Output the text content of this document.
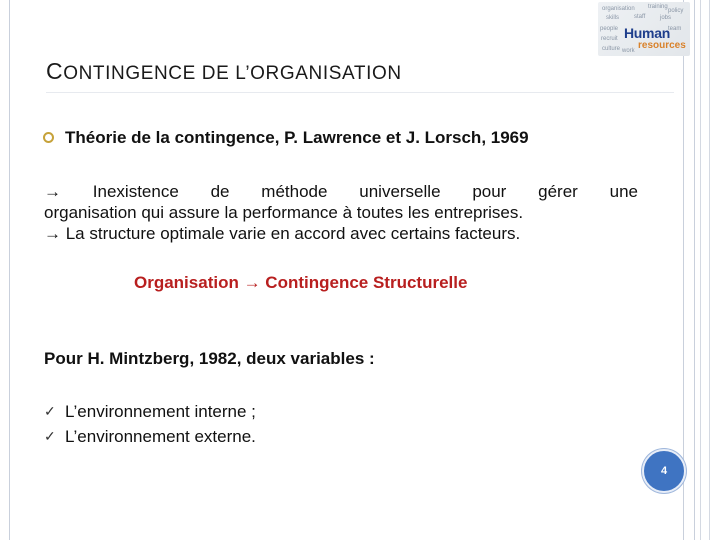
organisation training
skills	staff jobs
people
recruit
team
culture work
policy
Human
resources
CONTINGENCE DE L’ORGANISATION
Théorie de la contingence, P. Lawrence et J. Lorsch, 1969

→ Inexistence de méthode universelle pour gérer une

organisation qui assure la performance à toutes les entreprises.

→ La structure optimale varie en accord avec certains facteurs.

Organisation → Contingence Structurelle
Pour H. Mintzberg, 1982, deux variables :
✓ L’environnement interne ;
✓ L’environnement externe.
4
